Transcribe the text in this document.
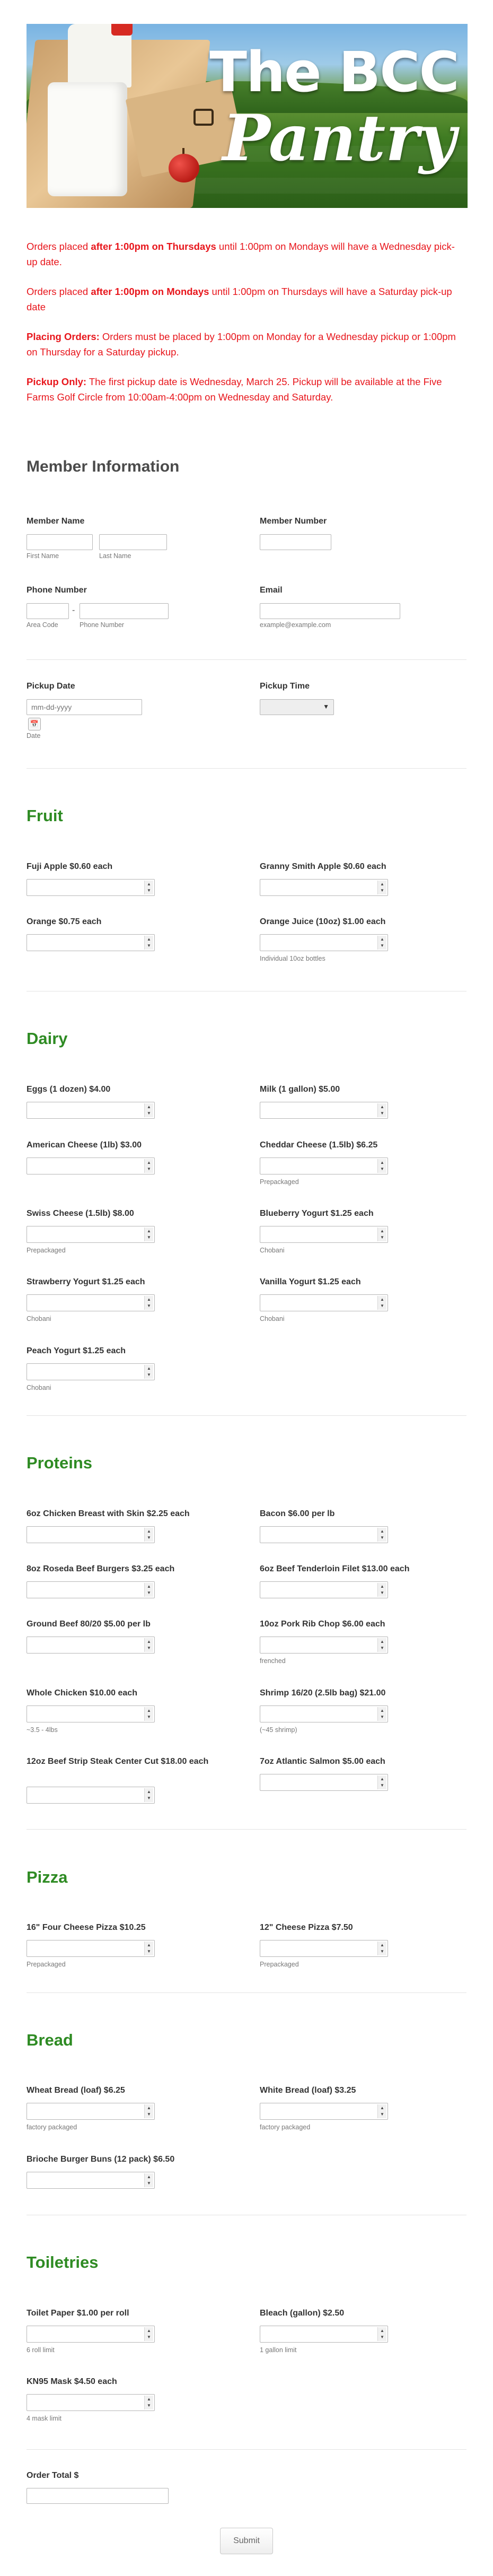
The BCC
Pantry

Orders placed after 1:00pm on Thursdays until 1:00pm on Mondays will have a Wednesday pick-up date.

Orders placed after 1:00pm on Mondays until 1:00pm on Thursdays will have a Saturday pick-up date

Placing Orders: Orders must be placed by 1:00pm on Monday for a Wednesday pickup or 1:00pm on Thursday for a Saturday pickup.

Pickup Only: The first pickup date is Wednesday, March 25. Pickup will be available at the Five Farms Golf Circle from 10:00am-4:00pm on Wednesday and Saturday.

Member Information
Member Name
First Name	Last Name
Member Number
Phone Number
-
Area Code	Phone Number
Email
example@example.com
Pickup Date
mm-dd-yyyy
📅
Date
Pickup Time
▼
Fruit
Fuji Apple $0.60 each
▲
▼
Granny Smith Apple $0.60 each
▲
▼
Orange $0.75 each
▲
▼
Orange Juice (10oz) $1.00 each
▲
▼
Individual 10oz bottles
Dairy
Eggs (1 dozen) $4.00
▲
▼
Milk (1 gallon) $5.00
▲
▼
American Cheese (1lb) $3.00
▲
▼
Cheddar Cheese (1.5lb) $6.25
▲
▼
Prepackaged
Swiss Cheese (1.5lb) $8.00
▲
▼
Prepackaged
Blueberry Yogurt $1.25 each
▲
▼
Chobani
Strawberry Yogurt $1.25 each
▲
▼
Chobani
Vanilla Yogurt $1.25 each
▲
▼
Chobani
Peach Yogurt $1.25 each
▲
▼
Chobani
Proteins
6oz Chicken Breast with Skin $2.25 each
▲
▼
Bacon $6.00 per lb
▲
▼
8oz Roseda Beef Burgers $3.25 each
▲
▼
6oz Beef Tenderloin Filet $13.00 each
▲
▼
Ground Beef 80/20 $5.00 per lb
▲
▼
10oz Pork Rib Chop $6.00 each
▲
▼
frenched
Whole Chicken $10.00 each
▲
▼
~3.5 - 4lbs
Shrimp 16/20 (2.5lb bag) $21.00
▲
▼
(~45 shrimp)
12oz Beef Strip Steak Center Cut $18.00 each
▲
▼
7oz Atlantic Salmon $5.00 each
▲
▼
Pizza
16" Four Cheese Pizza $10.25
▲
▼
Prepackaged
12" Cheese Pizza $7.50
▲
▼
Prepackaged
Bread
Wheat Bread (loaf) $6.25
▲
▼
factory packaged
White Bread (loaf) $3.25
▲
▼
factory packaged
Brioche Burger Buns (12 pack) $6.50
▲
▼
Toiletries
Toilet Paper $1.00 per roll
▲
▼
6 roll limit
Bleach (gallon) $2.50
▲
▼
1 gallon limit
KN95 Mask $4.50 each
▲
▼
4 mask limit
Order Total $
Submit
